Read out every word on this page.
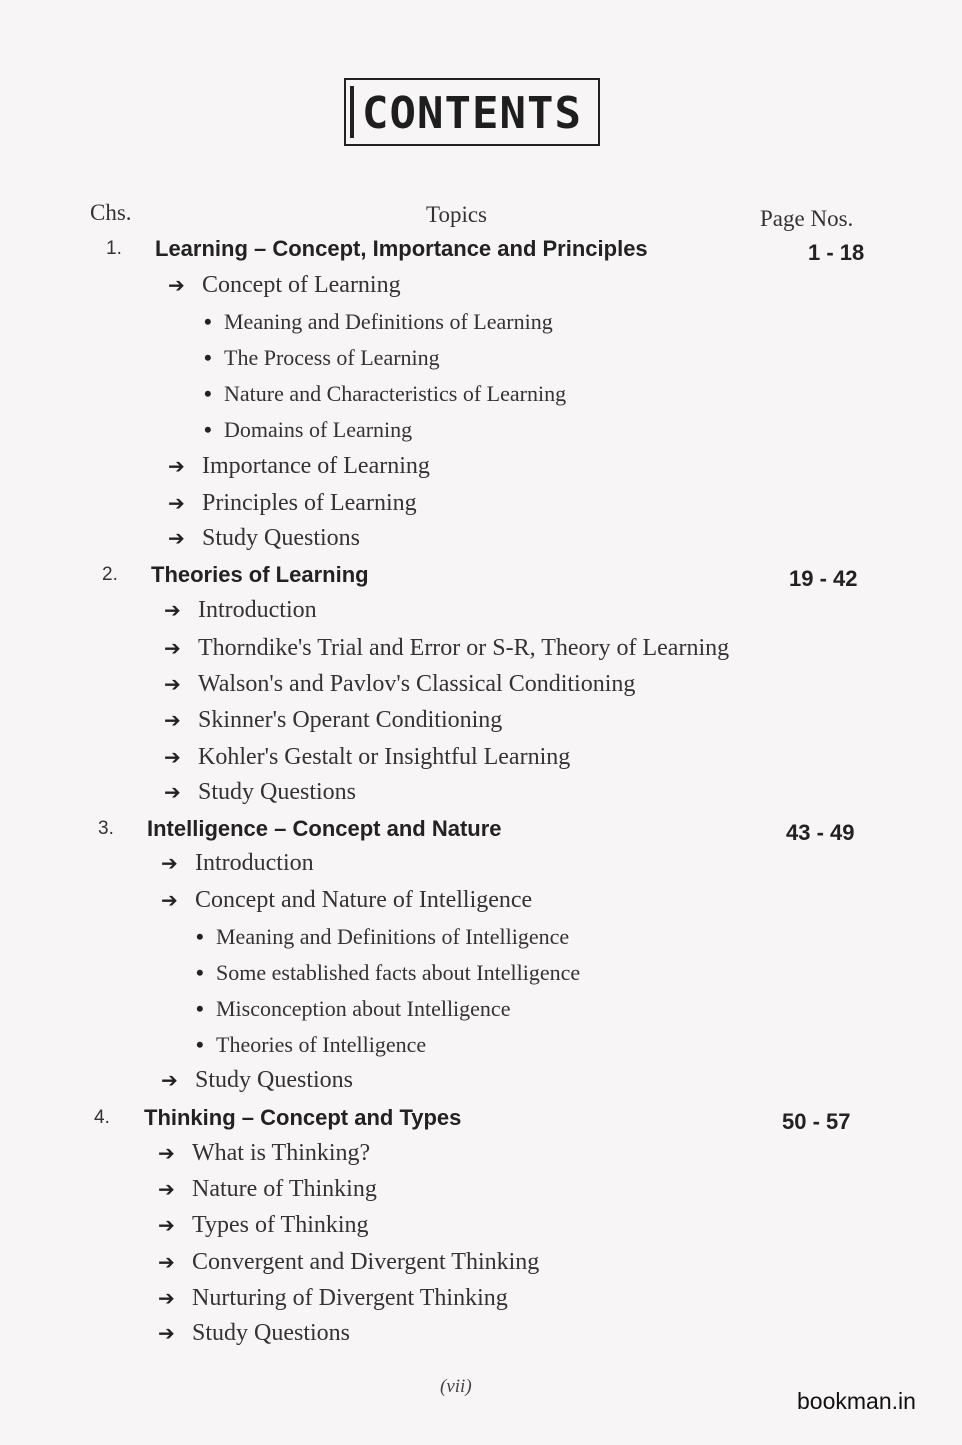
CONTENTS
Chs.	Topics	Page Nos.
1. Learning – Concept, Importance and Principles	1 - 18
➔ Concept of Learning
• Meaning and Definitions of Learning
• The Process of Learning
• Nature and Characteristics of Learning
• Domains of Learning
➔ Importance of Learning
➔ Principles of Learning
➔ Study Questions
2. Theories of Learning	19 - 42
➔ Introduction
➔ Thorndike's Trial and Error or S-R, Theory of Learning
➔ Walson's and Pavlov's Classical Conditioning
➔ Skinner's Operant Conditioning
➔ Kohler's Gestalt or Insightful Learning
➔ Study Questions
3. Intelligence – Concept and Nature	43 - 49
➔ Introduction
➔ Concept and Nature of Intelligence
• Meaning and Definitions of Intelligence
• Some established facts about Intelligence
• Misconception about Intelligence
• Theories of Intelligence
➔ Study Questions
4. Thinking – Concept and Types	50 - 57
➔ What is Thinking?
➔ Nature of Thinking
➔ Types of Thinking
➔ Convergent and Divergent Thinking
➔ Nurturing of Divergent Thinking
➔ Study Questions
(vii)
bookman.in
